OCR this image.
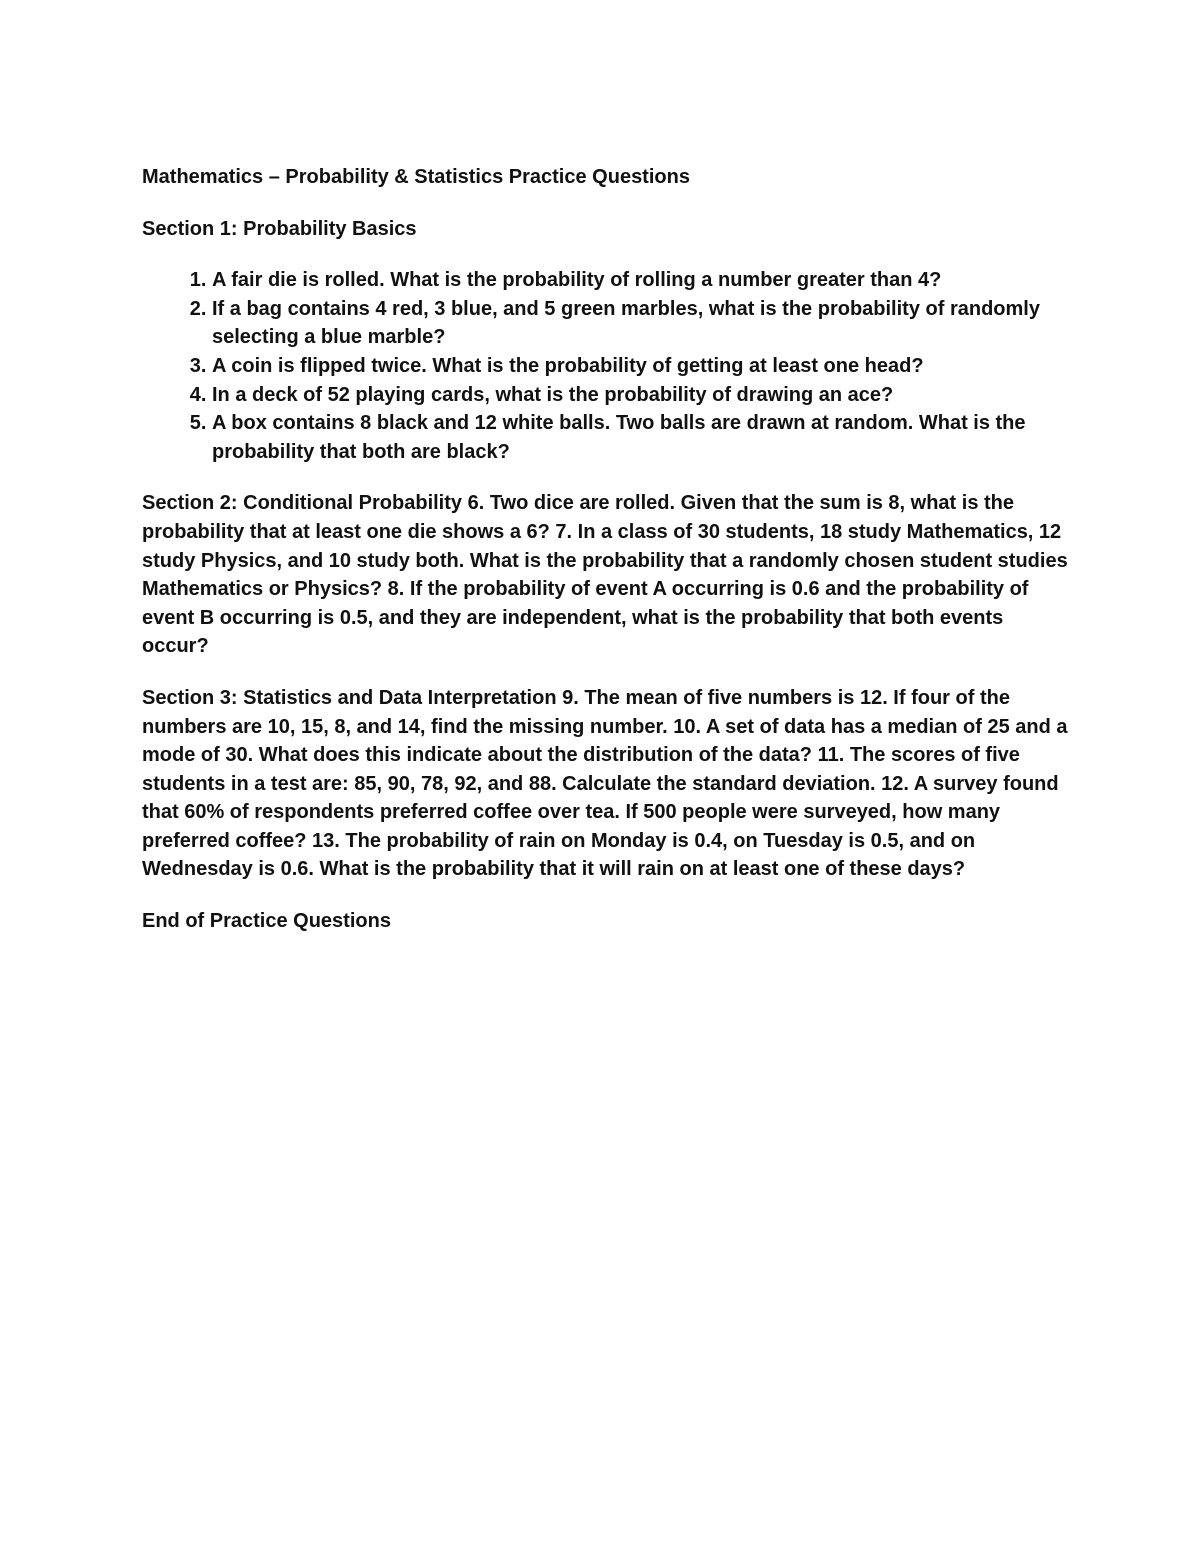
Mathematics – Probability & Statistics Practice Questions

Section 1: Probability Basics

1. A fair die is rolled. What is the probability of rolling a number greater than 4?
2. If a bag contains 4 red, 3 blue, and 5 green marbles, what is the probability of randomly selecting a blue marble?
3. A coin is flipped twice. What is the probability of getting at least one head?
4. In a deck of 52 playing cards, what is the probability of drawing an ace?
5. A box contains 8 black and 12 white balls. Two balls are drawn at random. What is the probability that both are black?

Section 2: Conditional Probability 6. Two dice are rolled. Given that the sum is 8, what is the probability that at least one die shows a 6? 7. In a class of 30 students, 18 study Mathematics, 12 study Physics, and 10 study both. What is the probability that a randomly chosen student studies Mathematics or Physics? 8. If the probability of event A occurring is 0.6 and the probability of event B occurring is 0.5, and they are independent, what is the probability that both events occur?

Section 3: Statistics and Data Interpretation 9. The mean of five numbers is 12. If four of the numbers are 10, 15, 8, and 14, find the missing number. 10. A set of data has a median of 25 and a mode of 30. What does this indicate about the distribution of the data? 11. The scores of five students in a test are: 85, 90, 78, 92, and 88. Calculate the standard deviation. 12. A survey found that 60% of respondents preferred coffee over tea. If 500 people were surveyed, how many preferred coffee? 13. The probability of rain on Monday is 0.4, on Tuesday is 0.5, and on Wednesday is 0.6. What is the probability that it will rain on at least one of these days?

End of Practice Questions
